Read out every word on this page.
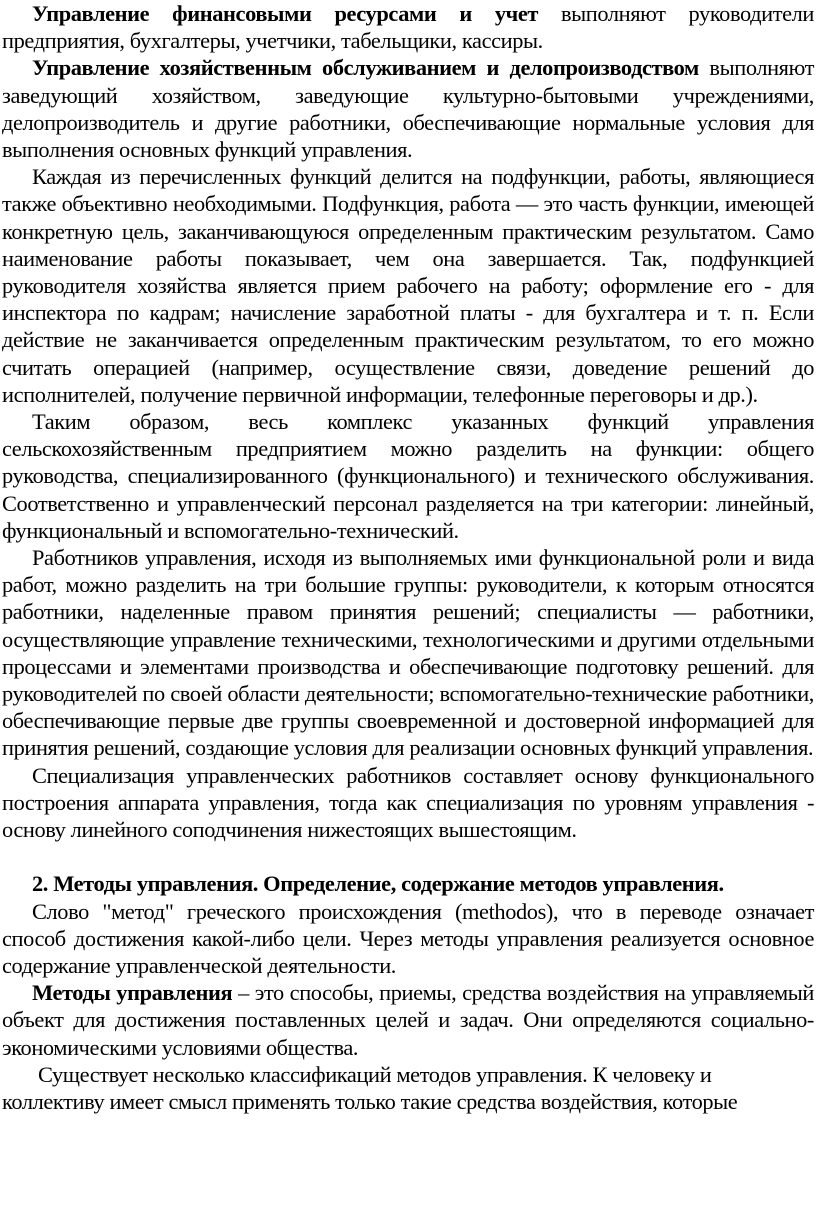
Управление финансовыми ресурсами и учет выполняют руководители предприятия, бухгалтеры, учетчики, табельщики, кассиры.

Управление хозяйственным обслуживанием и делопроизводством выполняют заведующий хозяйством, заведующие культурно-бытовыми учреждениями, делопроизводитель и другие работники, обеспечивающие нормальные условия для выполнения основных функций управления.

Каждая из перечисленных функций делится на подфункции, работы, являющиеся также объективно необходимыми. Подфункция, работа — это часть функции, имеющей конкретную цель, заканчивающуюся определенным практическим результатом. Само наименование работы показывает, чем она завершается. Так, подфункцией руководителя хозяйства является прием рабочего на работу; оформление его - для инспектора по кадрам; начисление заработной платы - для бухгалтера и т. п. Если действие не заканчивается определенным практическим результатом, то его можно считать операцией (например, осуществление связи, доведение решений до исполнителей, получение первичной информации, телефонные переговоры и др.).

Таким образом, весь комплекс указанных функций управления сельскохозяйственным предприятием можно разделить на функции: общего руководства, специализированного (функционального) и технического обслуживания. Соответственно и управленческий персонал разделяется на три категории: линейный, функциональный и вспомогательно-технический.

Работников управления, исходя из выполняемых ими функциональной роли и вида работ, можно разделить на три большие группы: руководители, к которым относятся работники, наделенные правом принятия решений; специалисты — работники, осуществляющие управление техническими, технологическими и другими отдельными процессами и элементами производства и обеспечивающие подготовку решений. для руководителей по своей области деятельности; вспомогательно-технические работники, обеспечивающие первые две группы своевременной и достоверной информацией для принятия решений, создающие условия для реализации основных функций управления.

Специализация управленческих работников составляет основу функционального построения аппарата управления, тогда как специализация по уровням управления - основу линейного соподчинения нижестоящих вышестоящим.

2. Методы управления. Определение, содержание методов управления.

Слово "метод" греческого происхождения (methodos), что в переводе означает способ достижения какой-либо цели. Через методы управления реализуется основное содержание управленческой деятельности.

Методы управления – это способы, приемы, средства воздействия на управляемый объект для достижения поставленных целей и задач. Они определяются социально-экономическими условиями общества.

Существует несколько классификаций методов управления. К человеку и коллективу имеет смысл применять только такие средства воздействия, которые
